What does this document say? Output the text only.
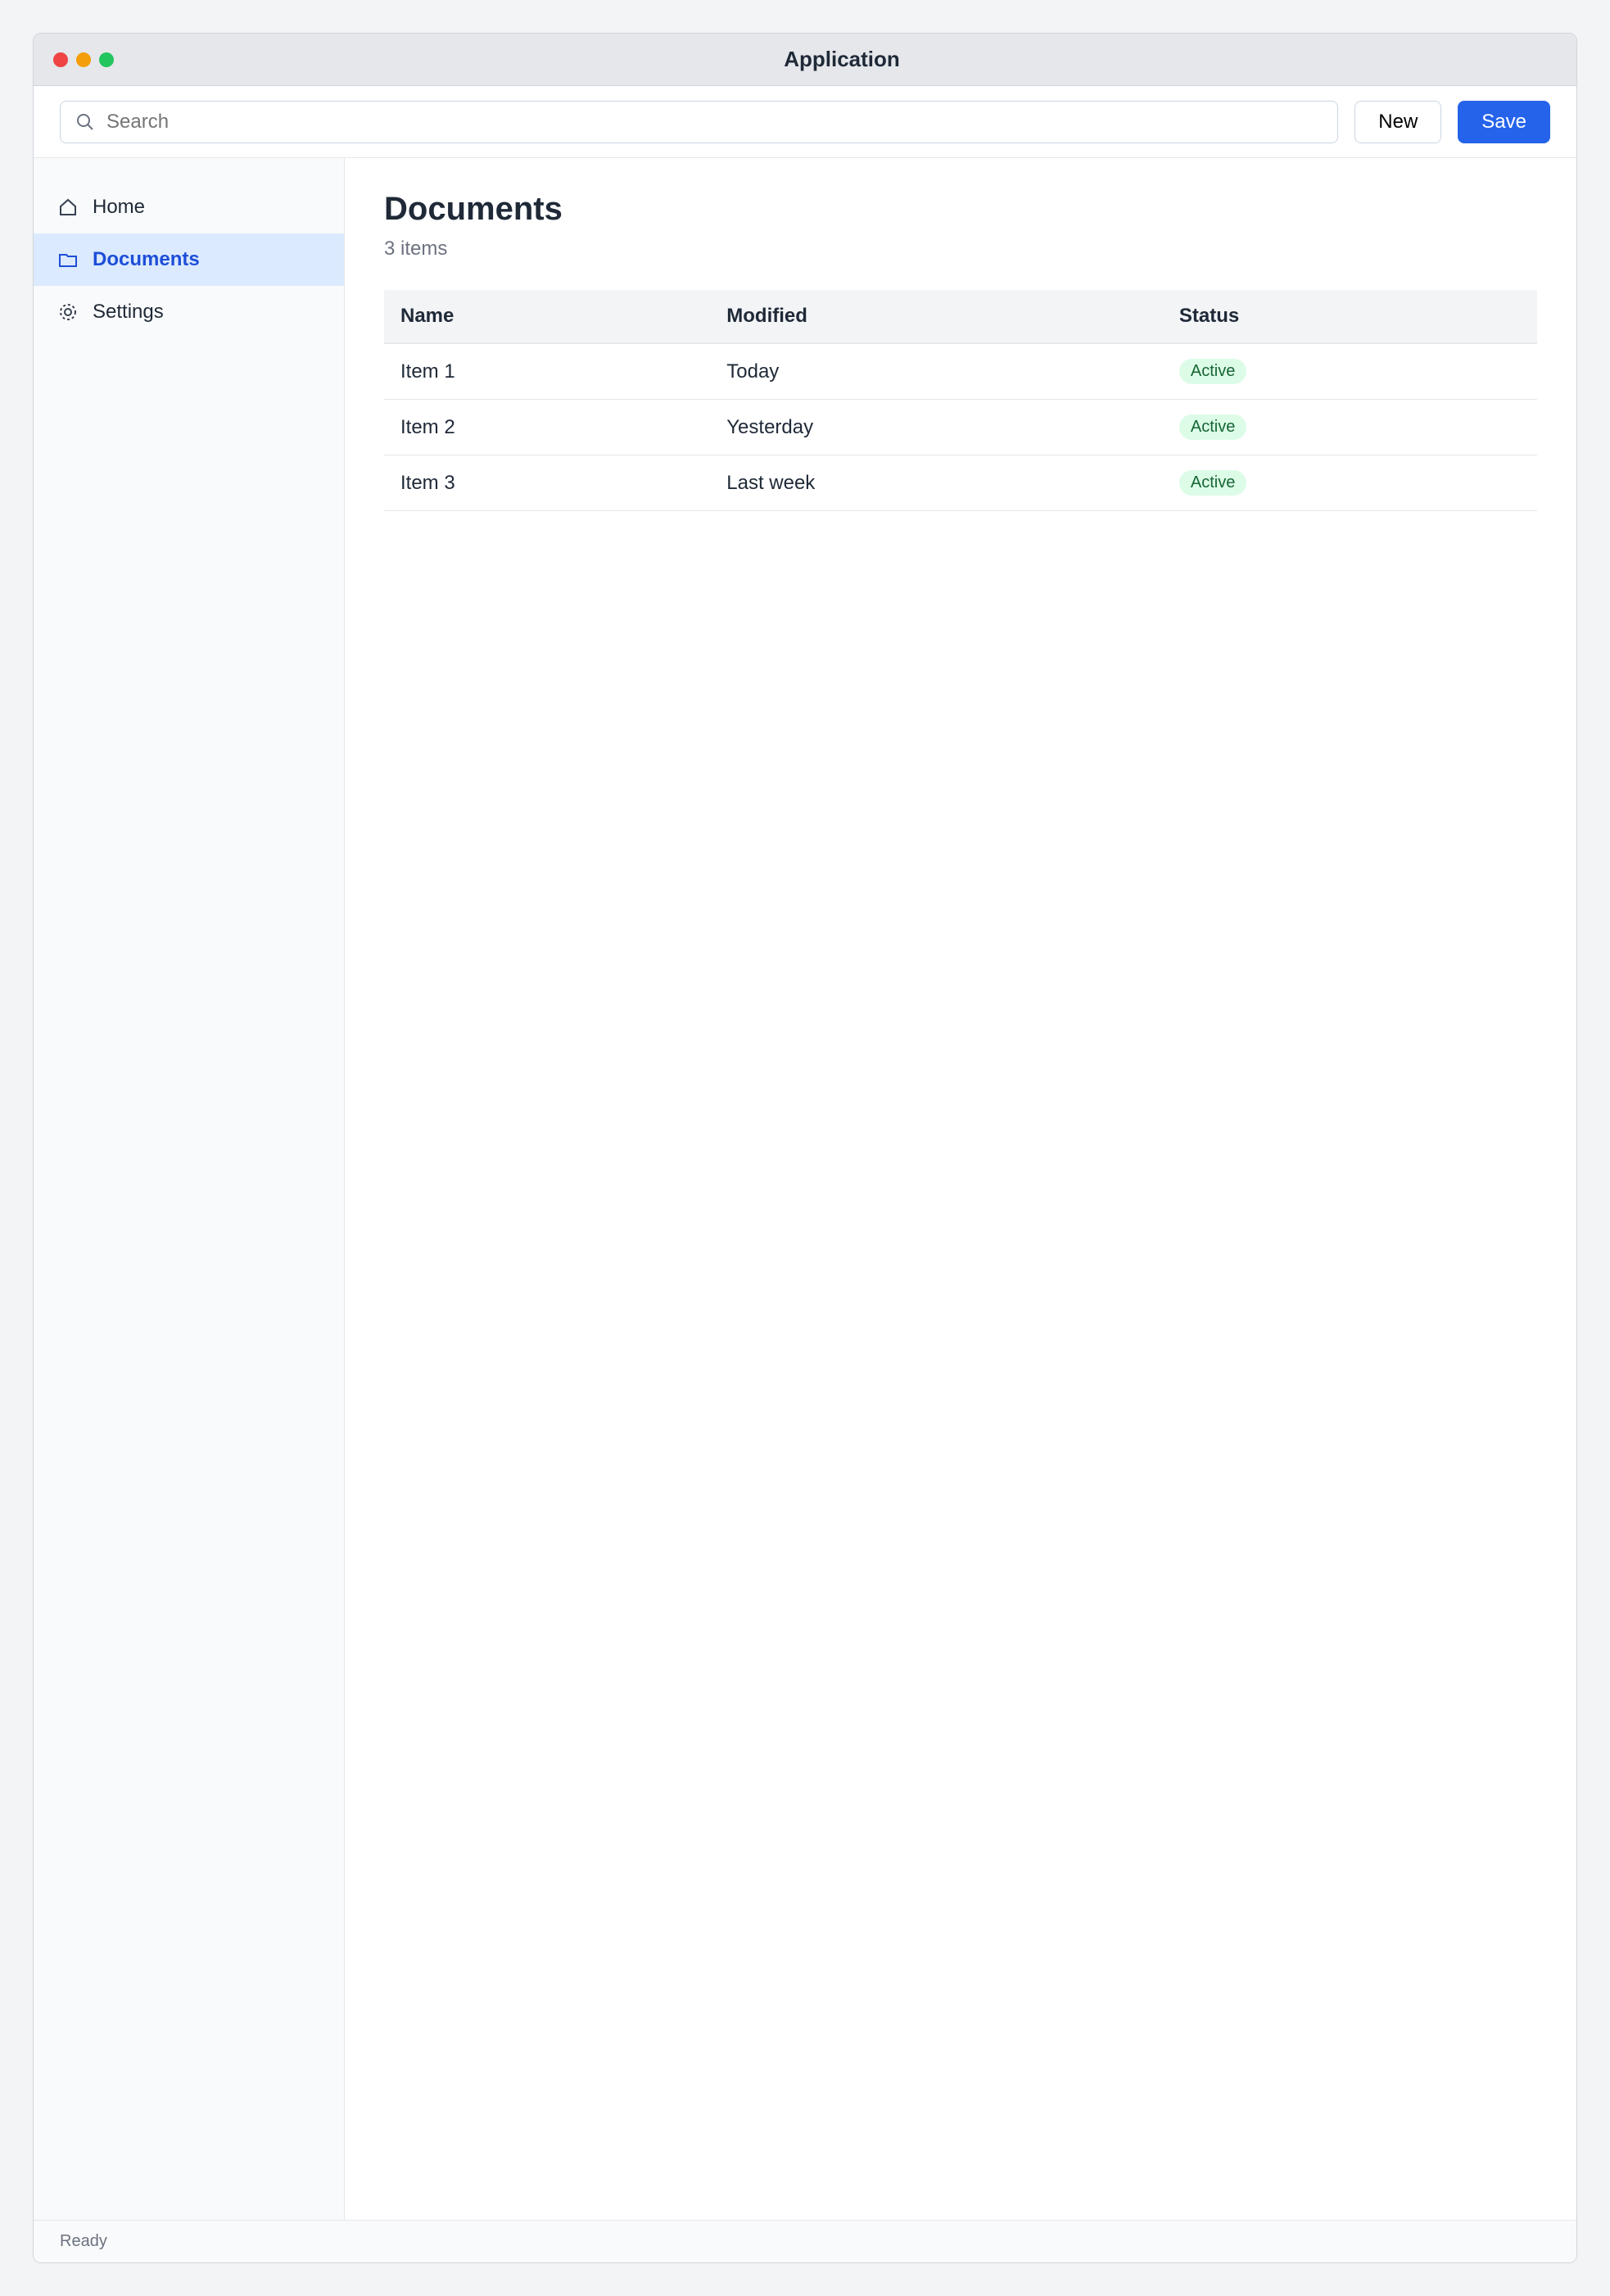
Application
Search
New	Save
Home
Documents
Settings
Documents
3 items
Name	Modified	Status
Item 1	Today	Active
Item 2	Yesterday	Active
Item 3	Last week	Active
Ready
